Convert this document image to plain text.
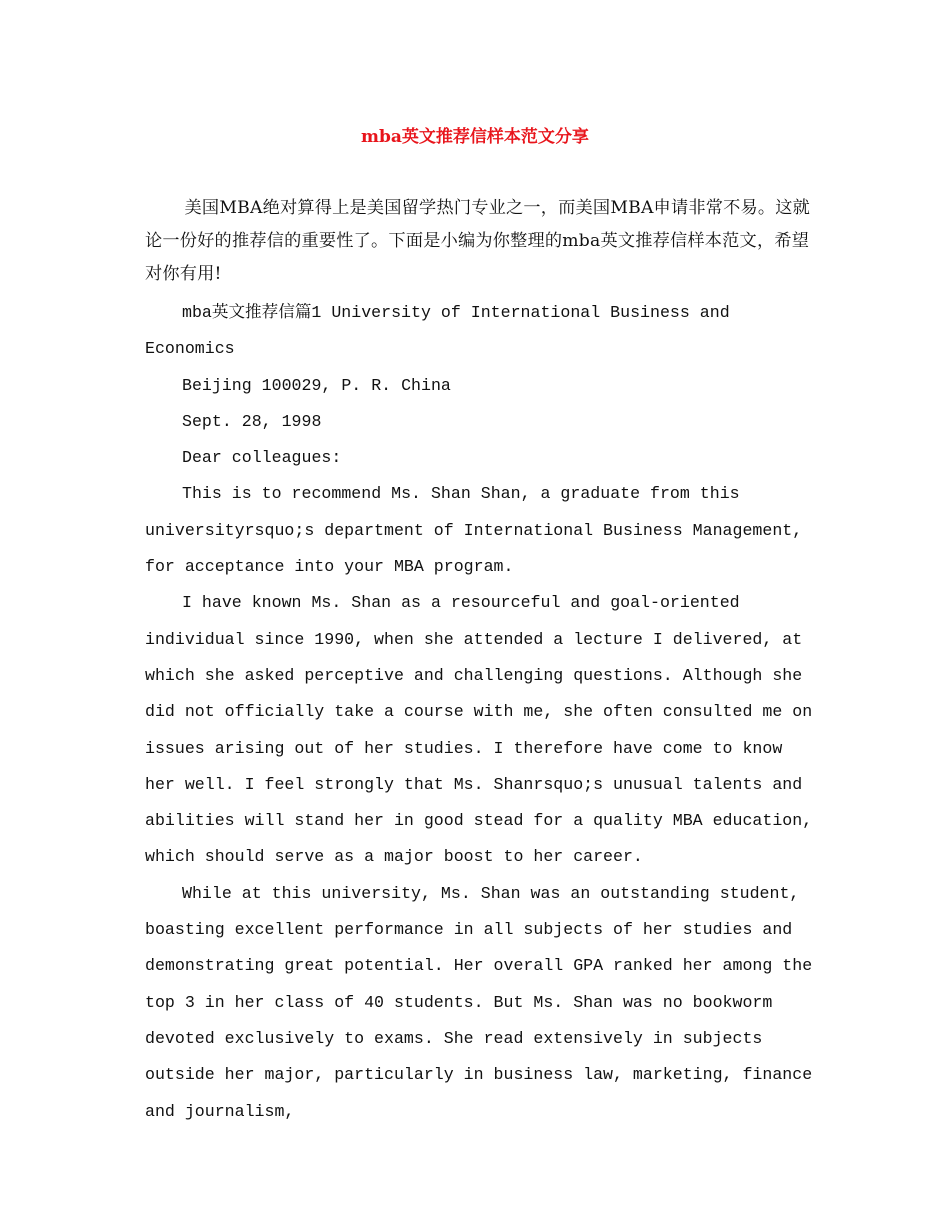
mba英文推荐信样本范文分享

美国MBA绝对算得上是美国留学热门专业之一，而美国MBA申请非常不易。这就论一份好的推荐信的重要性了。下面是小编为你整理的mba英文推荐信样本范文，希望对你有用!

mba英文推荐信篇1 University of International Business and Economics

Beijing 100029, P. R. China

Sept. 28, 1998

Dear colleagues:

This is to recommend Ms. Shan Shan, a graduate from this universityrsquo;s department of International Business Management, for acceptance into your MBA program.

I have known Ms. Shan as a resourceful and goal-oriented individual since 1990, when she attended a lecture I delivered, at which she asked perceptive and challenging questions. Although she did not officially take a course with me, she often consulted me on issues arising out of her studies. I therefore have come to know her well. I feel strongly that Ms. Shanrsquo;s unusual talents and abilities will stand her in good stead for a quality MBA education, which should serve as a major boost to her career.

While at this university, Ms. Shan was an outstanding student, boasting excellent performance in all subjects of her studies and demonstrating great potential. Her overall GPA ranked her among the top 3 in her class of 40 students. But Ms. Shan was no bookworm devoted exclusively to exams. She read extensively in subjects outside her major, particularly in business law, marketing, finance and journalism,
